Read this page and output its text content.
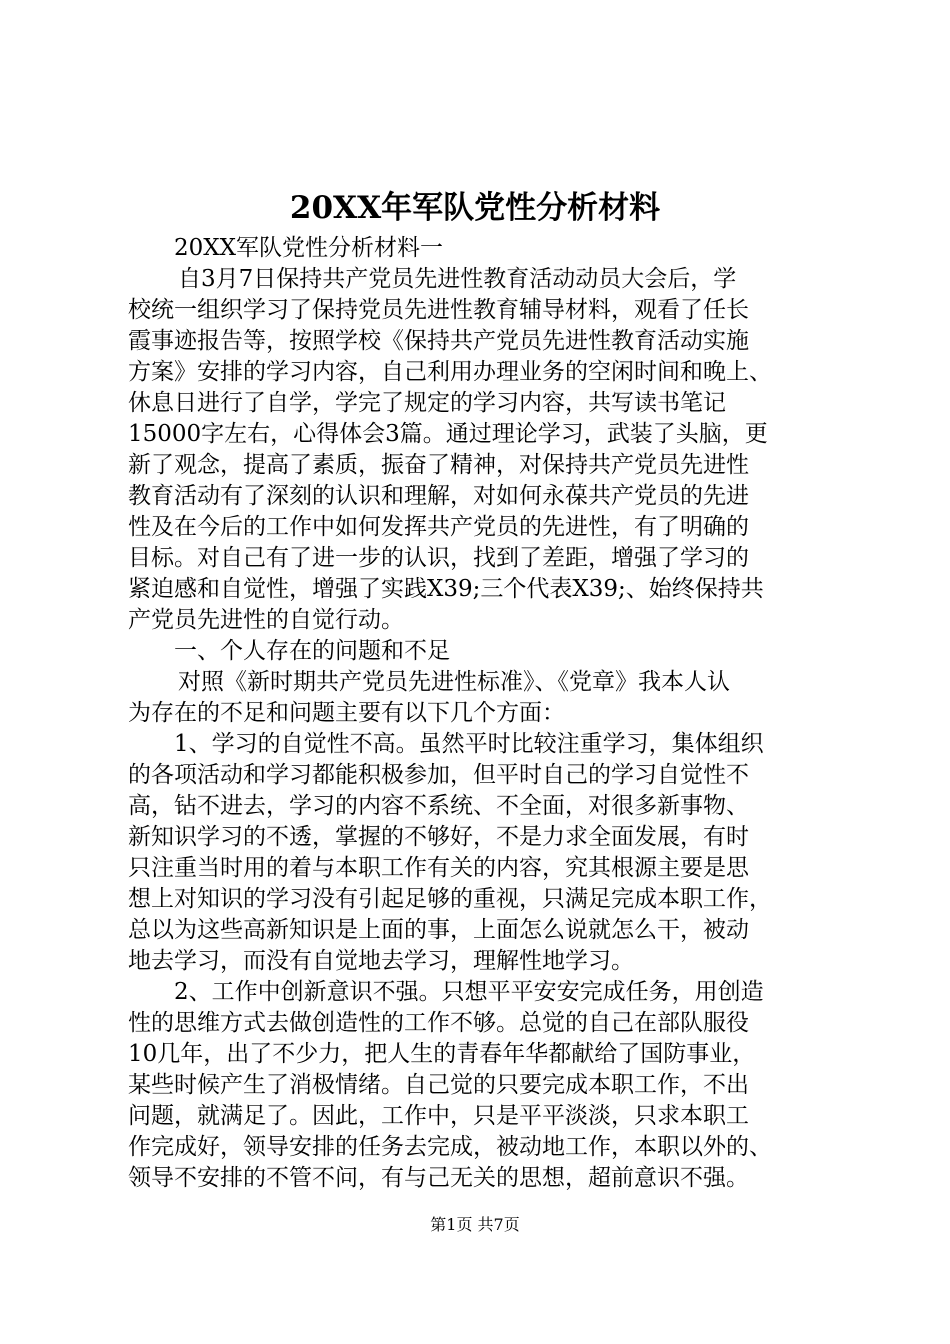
20XX年军队党性分析材料
20XX军队党性分析材料一
自3月7日保持共产党员先进性教育活动动员大会后，学
校统一组织学习了保持党员先进性教育辅导材料，观看了任长
霞事迹报告等，按照学校《保持共产党员先进性教育活动实施
方案》安排的学习内容，自己利用办理业务的空闲时间和晚上、
休息日进行了自学，学完了规定的学习内容，共写读书笔记
15000字左右，心得体会3篇。通过理论学习，武装了头脑，更
新了观念，提高了素质，振奋了精神，对保持共产党员先进性
教育活动有了深刻的认识和理解，对如何永葆共产党员的先进
性及在今后的工作中如何发挥共产党员的先进性，有了明确的
目标。对自己有了进一步的认识，找到了差距，增强了学习的
紧迫感和自觉性，增强了实践X39;三个代表X39;、始终保持共
产党员先进性的自觉行动。
一、个人存在的问题和不足
对照《新时期共产党员先进性标准》、《党章》我本人认
为存在的不足和问题主要有以下几个方面：
1、学习的自觉性不高。虽然平时比较注重学习，集体组织
的各项活动和学习都能积极参加，但平时自己的学习自觉性不
高，钻不进去，学习的内容不系统、不全面，对很多新事物、
新知识学习的不透，掌握的不够好，不是力求全面发展，有时
只注重当时用的着与本职工作有关的内容，究其根源主要是思
想上对知识的学习没有引起足够的重视，只满足完成本职工作，
总以为这些高新知识是上面的事，上面怎么说就怎么干，被动
地去学习，而没有自觉地去学习，理解性地学习。
2、工作中创新意识不强。只想平平安安完成任务，用创造
性的思维方式去做创造性的工作不够。总觉的自己在部队服役
10几年，出了不少力，把人生的青春年华都献给了国防事业，
某些时候产生了消极情绪。自己觉的只要完成本职工作，不出
问题，就满足了。因此，工作中，只是平平淡淡，只求本职工
作完成好，领导安排的任务去完成，被动地工作，本职以外的、
领导不安排的不管不问，有与己无关的思想，超前意识不强。
第1页 共7页
